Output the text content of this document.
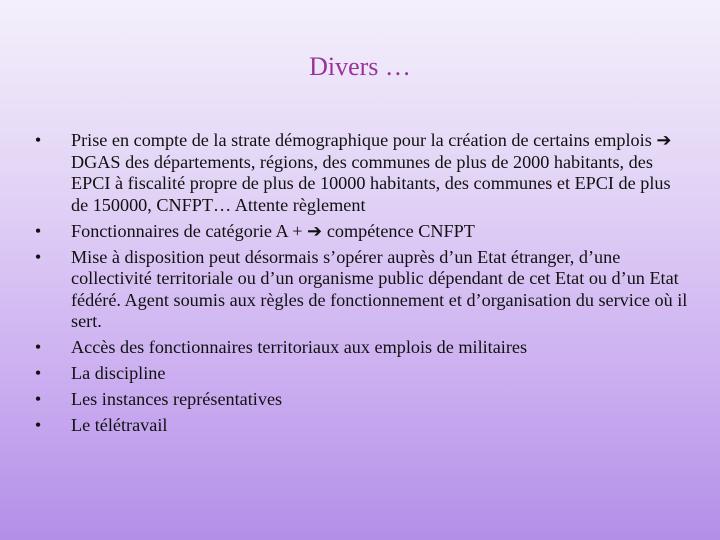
Divers …
•	Prise en compte de la strate démographique pour la création de certains emplois ➔ DGAS des départements, régions, des communes de plus de 2000 habitants, des EPCI à fiscalité propre de plus de 10000 habitants, des communes et EPCI de plus de 150000, CNFPT… Attente règlement
•	Fonctionnaires de catégorie A + ➔ compétence CNFPT
•	Mise à disposition peut désormais s’opérer auprès d’un Etat étranger, d’une collectivité territoriale ou d’un organisme public dépendant de cet Etat ou d’un Etat fédéré. Agent soumis aux règles de fonctionnement et d’organisation du service où il sert.
•	Accès des fonctionnaires territoriaux aux emplois de militaires
•	La discipline
•	Les instances représentatives
•	Le télétravail
